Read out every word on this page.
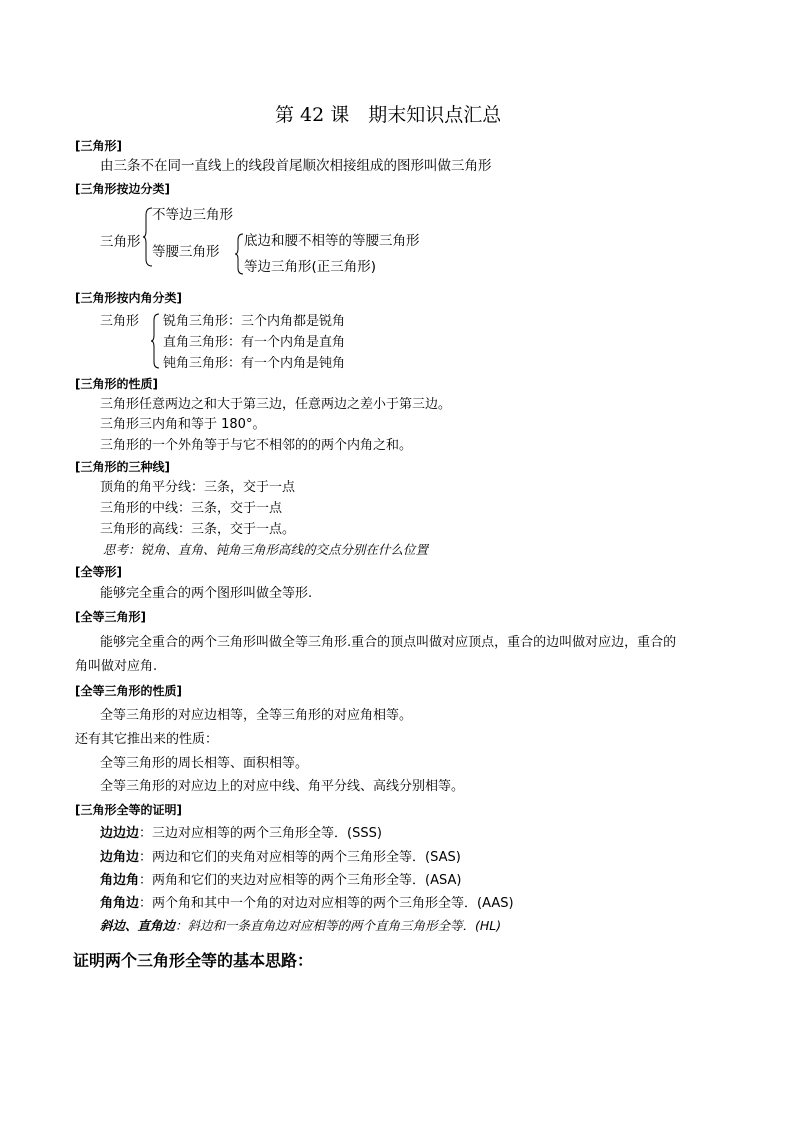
第 42 课　期末知识点汇总
[三角形]
由三条不在同一直线上的线段首尾顺次相接组成的图形叫做三角形
[三角形按边分类]
三角形
不等边三角形
等腰三角形
底边和腰不相等的等腰三角形
等边三角形(正三角形)
[三角形按内角分类]
三角形 锐角三角形：三个内角都是锐角
直角三角形：有一个内角是直角
钝角三角形：有一个内角是钝角
[三角形的性质]
三角形任意两边之和大于第三边，任意两边之差小于第三边。
三角形三内角和等于 180°。
三角形的一个外角等于与它不相邻的的两个内角之和。
[三角形的三种线]
顶角的角平分线：三条，交于一点
三角形的中线：三条，交于一点
三角形的高线：三条，交于一点。
思考：锐角、直角、钝角三角形高线的交点分别在什么位置
[全等形]
能够完全重合的两个图形叫做全等形.
[全等三角形]
能够完全重合的两个三角形叫做全等三角形.重合的顶点叫做对应顶点，重合的边叫做对应边，重合的
角叫做对应角.
[全等三角形的性质]
全等三角形的对应边相等，全等三角形的对应角相等。
还有其它推出来的性质：
全等三角形的周长相等、面积相等。
全等三角形的对应边上的对应中线、角平分线、高线分别相等。
[三角形全等的证明]
边边边：三边对应相等的两个三角形全等．(SSS)
边角边：两边和它们的夹角对应相等的两个三角形全等．(SAS)
角边角：两角和它们的夹边对应相等的两个三角形全等．(ASA)
角角边：两个角和其中一个角的对边对应相等的两个三角形全等．(AAS)
斜边、直角边：斜边和一条直角边对应相等的两个直角三角形全等．(HL)
证明两个三角形全等的基本思路：
